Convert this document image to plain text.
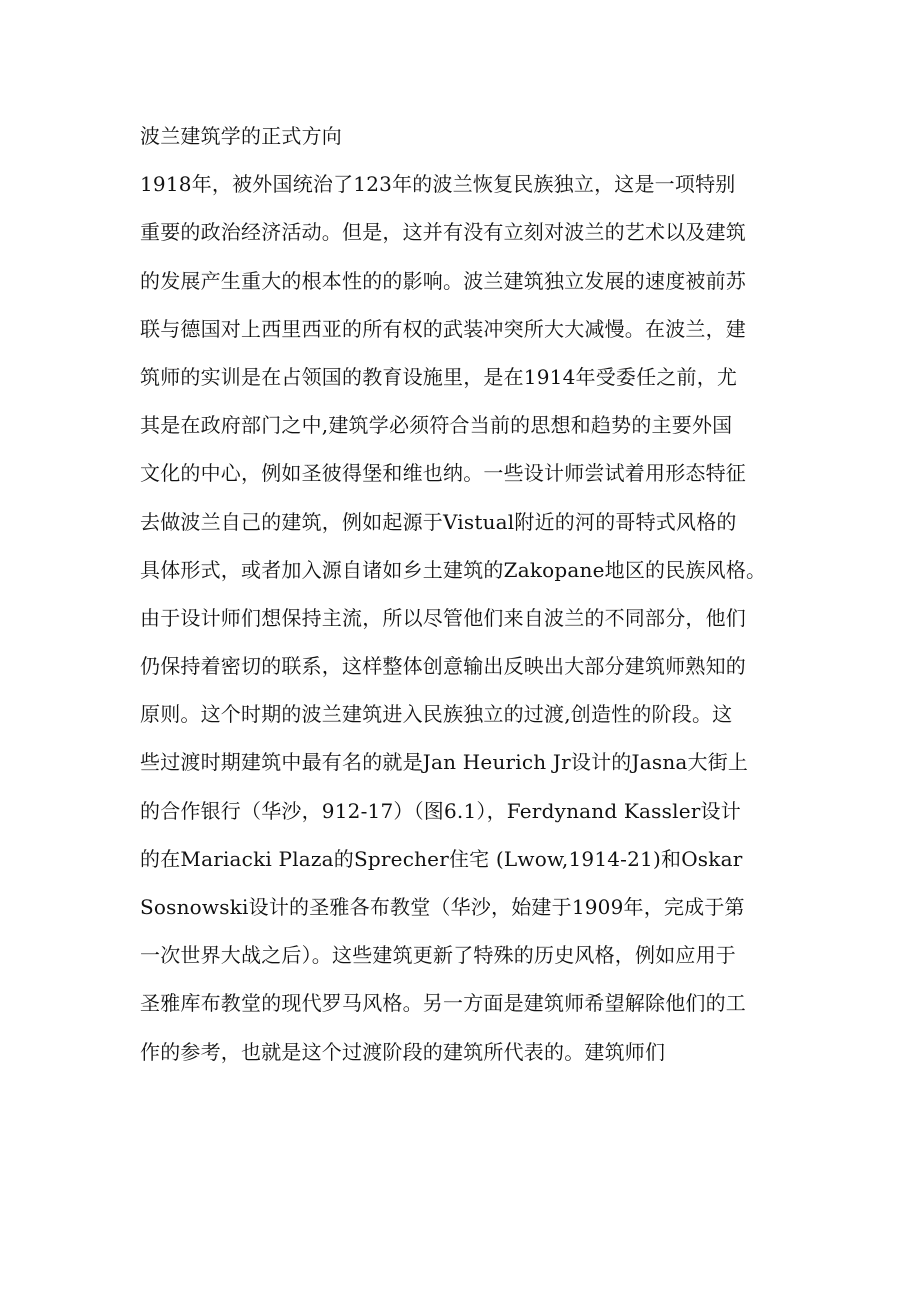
波兰建筑学的正式方向
1918年，被外国统治了123年的波兰恢复民族独立，这是一项特别
重要的政治经济活动。但是，这并有没有立刻对波兰的艺术以及建筑
的发展产生重大的根本性的的影响。波兰建筑独立发展的速度被前苏
联与德国对上西里西亚的所有权的武装冲突所大大减慢。在波兰，建
筑师的实训是在占领国的教育设施里，是在1914年受委任之前，尤
其是在政府部门之中,建筑学必须符合当前的思想和趋势的主要外国
文化的中心，例如圣彼得堡和维也纳。一些设计师尝试着用形态特征
去做波兰自己的建筑，例如起源于Vistual附近的河的哥特式风格的
具体形式，或者加入源自诸如乡土建筑的Zakopane地区的民族风格。
由于设计师们想保持主流，所以尽管他们来自波兰的不同部分，他们
仍保持着密切的联系，这样整体创意输出反映出大部分建筑师熟知的
原则。这个时期的波兰建筑进入民族独立的过渡,创造性的阶段。这
些过渡时期建筑中最有名的就是Jan Heurich Jr设计的Jasna大街上
的合作银行（华沙，912-17）（图6.1），Ferdynand Kassler设计
的在Mariacki Plaza的Sprecher住宅 (Lwow,1914-21)和Oskar
Sosnowski设计的圣雅各布教堂（华沙，始建于1909年，完成于第
一次世界大战之后）。这些建筑更新了特殊的历史风格，例如应用于
圣雅库布教堂的现代罗马风格。另一方面是建筑师希望解除他们的工
作的参考，也就是这个过渡阶段的建筑所代表的。建筑师们
